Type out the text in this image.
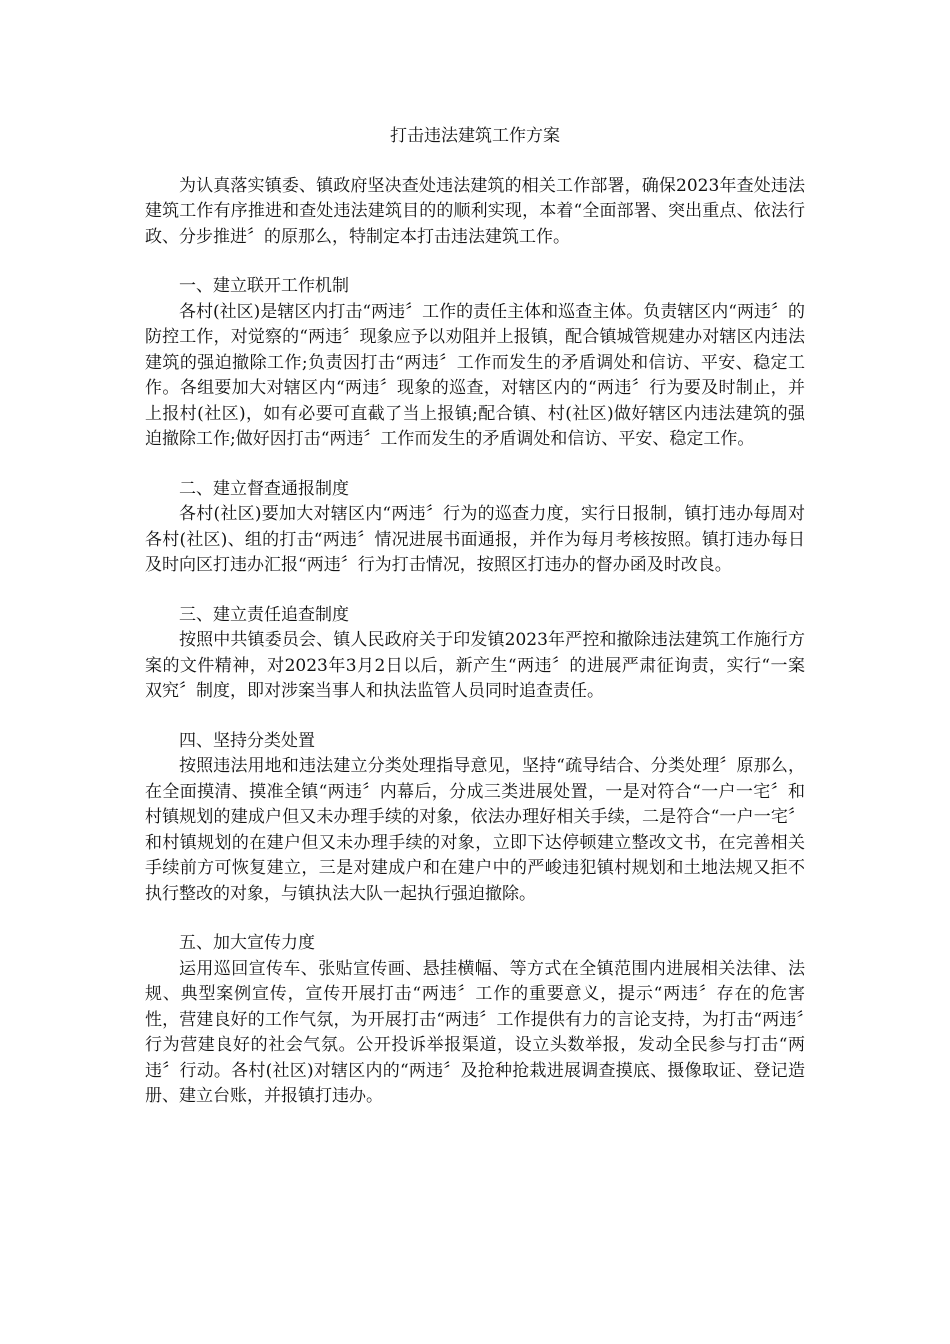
打击违法建筑工作方案

为认真落实镇委、镇政府坚决查处违法建筑的相关工作部署，确保2023年查处违法建筑工作有序推进和查处违法建筑目的的顺利实现，本着“全面部署、突出重点、依法行政、分步推进〞的原那么，特制定本打击违法建筑工作。

一、建立联开工作机制

各村(社区)是辖区内打击“两违〞工作的责任主体和巡查主体。负责辖区内“两违〞的防控工作，对觉察的“两违〞现象应予以劝阻并上报镇，配合镇城管规建办对辖区内违法建筑的强迫撤除工作;负责因打击“两违〞工作而发生的矛盾调处和信访、平安、稳定工作。各组要加大对辖区内“两违〞现象的巡查，对辖区内的“两违〞行为要及时制止，并上报村(社区)，如有必要可直截了当上报镇;配合镇、村(社区)做好辖区内违法建筑的强迫撤除工作;做好因打击“两违〞工作而发生的矛盾调处和信访、平安、稳定工作。

二、建立督查通报制度

各村(社区)要加大对辖区内“两违〞行为的巡查力度，实行日报制，镇打违办每周对各村(社区)、组的打击“两违〞情况进展书面通报，并作为每月考核按照。镇打违办每日及时向区打违办汇报“两违〞行为打击情况，按照区打违办的督办函及时改良。

三、建立责任追查制度

按照中共镇委员会、镇人民政府关于印发镇2023年严控和撤除违法建筑工作施行方案的文件精神，对2023年3月2日以后，新产生“两违〞的进展严肃征询责，实行“一案双究〞制度，即对涉案当事人和执法监管人员同时追查责任。

四、坚持分类处置

按照违法用地和违法建立分类处理指导意见，坚持“疏导结合、分类处理〞原那么，在全面摸清、摸准全镇“两违〞内幕后，分成三类进展处置，一是对符合“一户一宅〞和村镇规划的建成户但又未办理手续的对象，依法办理好相关手续，二是符合“一户一宅〞和村镇规划的在建户但又未办理手续的对象，立即下达停顿建立整改文书，在完善相关手续前方可恢复建立，三是对建成户和在建户中的严峻违犯镇村规划和土地法规又拒不执行整改的对象，与镇执法大队一起执行强迫撤除。

五、加大宣传力度

运用巡回宣传车、张贴宣传画、悬挂横幅、等方式在全镇范围内进展相关法律、法规、典型案例宣传，宣传开展打击“两违〞工作的重要意义，提示“两违〞存在的危害性，营建良好的工作气氛，为开展打击“两违〞工作提供有力的言论支持，为打击“两违〞行为营建良好的社会气氛。公开投诉举报渠道，设立头数举报，发动全民参与打击“两违〞行动。各村(社区)对辖区内的“两违〞及抢种抢栽进展调查摸底、摄像取证、登记造册、建立台账，并报镇打违办。
